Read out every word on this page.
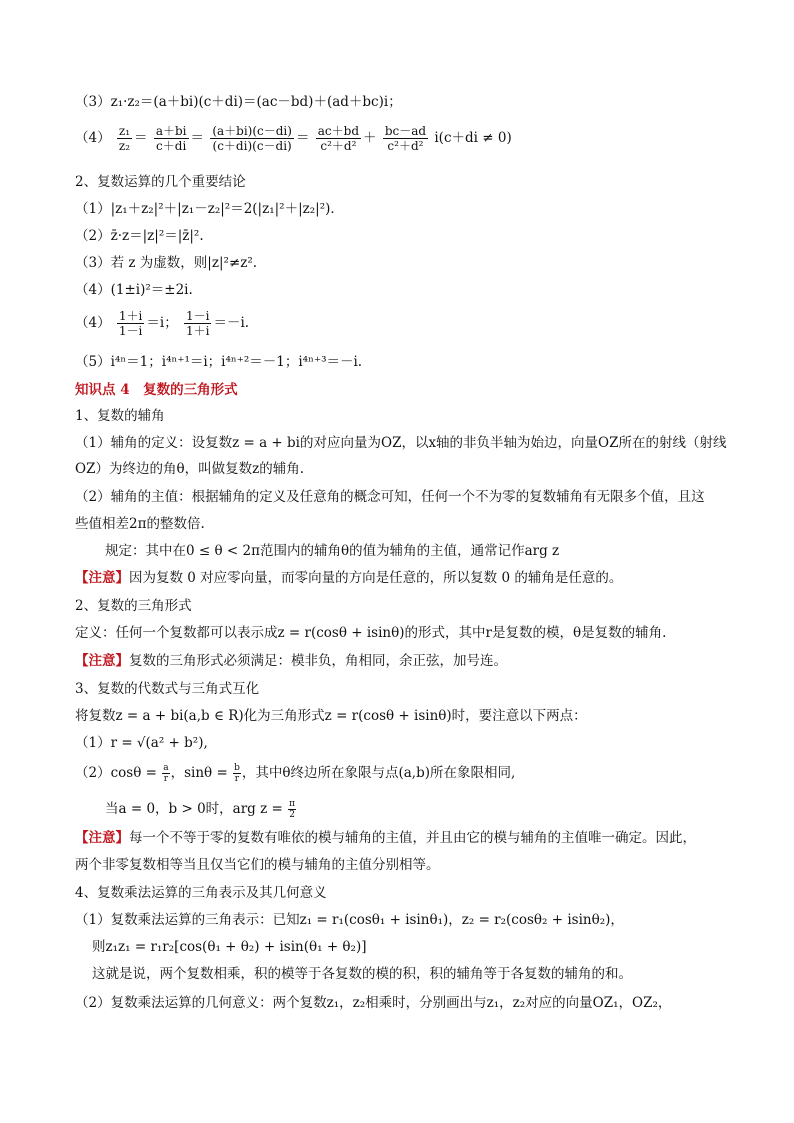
（3）z₁·z₂＝(a＋bi)(c＋di)＝(ac－bd)＋(ad＋bc)i；
$(4) \frac{\text{z₁}}{\text{z₂}} = \frac{a+bi}{c+di} = \frac{(a+bi)(c-di)}{(c+di)(c-di)} = \frac{ac+bd}{\text{c²＋d²}} + \frac{bc-ad}{\text{c²＋d²}} i(c+di \ne 0)$
2、复数运算的几个重要结论
（1）|z₁＋z₂|²＋|z₁－z₂|²＝2(|z₁|²＋|z₂|²)．
（2）z̄·z＝|z|²＝|z̄|².
（3）若 z 为虚数，则|z|²≠z².
（4）(1±i)²＝±2i.
$(4) \frac{1+i}{1-i} =i$； $\frac{1-i}{1+i} =-i$.
（5）i⁴ⁿ＝1；i⁴ⁿ⁺¹＝i；i⁴ⁿ⁺²＝－1；i⁴ⁿ⁺³＝－i.
知识点 4　复数的三角形式
1、复数的辅角
（1）辅角的定义：设复数z = a + bi的对应向量为OZ，以x轴的非负半轴为始边，向量OZ所在的射线（射线
OZ）为终边的角θ，叫做复数z的辅角.
（2）辅角的主值：根据辅角的定义及任意角的概念可知，任何一个不为零的复数辅角有无限多个值，且这
些值相差2π的整数倍.
规定：其中在0 ≤ θ < 2π范围内的辅角θ的值为辅角的主值，通常记作arg z
【注意】因为复数 0 对应零向量，而零向量的方向是任意的，所以复数 0 的辅角是任意的。
2、复数的三角形式
定义：任何一个复数都可以表示成z = r(cosθ + isinθ)的形式，其中r是复数的模，θ是复数的辅角.
【注意】复数的三角形式必须满足：模非负，角相同，余正弦，加号连。
3、复数的代数式与三角式互化
将复数z = a + bi(a,b ∈ R)化为三角形式z = r(cosθ + isinθ)时，要注意以下两点：
（1）r = √(a² + b²),
$(2)\cos\theta = \frac{a}{r}$ ，$\sin\theta = \frac{b}{r}$ ，其中θ终边所在象限与点(a,b)所在象限相同,
当a = 0，b > 0时，arg $z = \frac{\pi}{2}$
【注意】每一个不等于零的复数有唯依的模与辅角的主值，并且由它的模与辅角的主值唯一确定。因此，
两个非零复数相等当且仅当它们的模与辅角的主值分别相等。
4、复数乘法运算的三角表示及其几何意义
（1）复数乘法运算的三角表示：已知z₁ = r₁(cosθ₁ + isinθ₁)，z₂ = r₂(cosθ₂ + isinθ₂)，
则z₁z₁ = r₁r₂[cos(θ₁ + θ₂) + isin(θ₁ + θ₂)]
这就是说，两个复数相乘，积的模等于各复数的模的积，积的辅角等于各复数的辅角的和。
（2）复数乘法运算的几何意义：两个复数z₁，z₂相乘时，分别画出与z₁，z₂对应的向量OZ₁，OZ₂，
